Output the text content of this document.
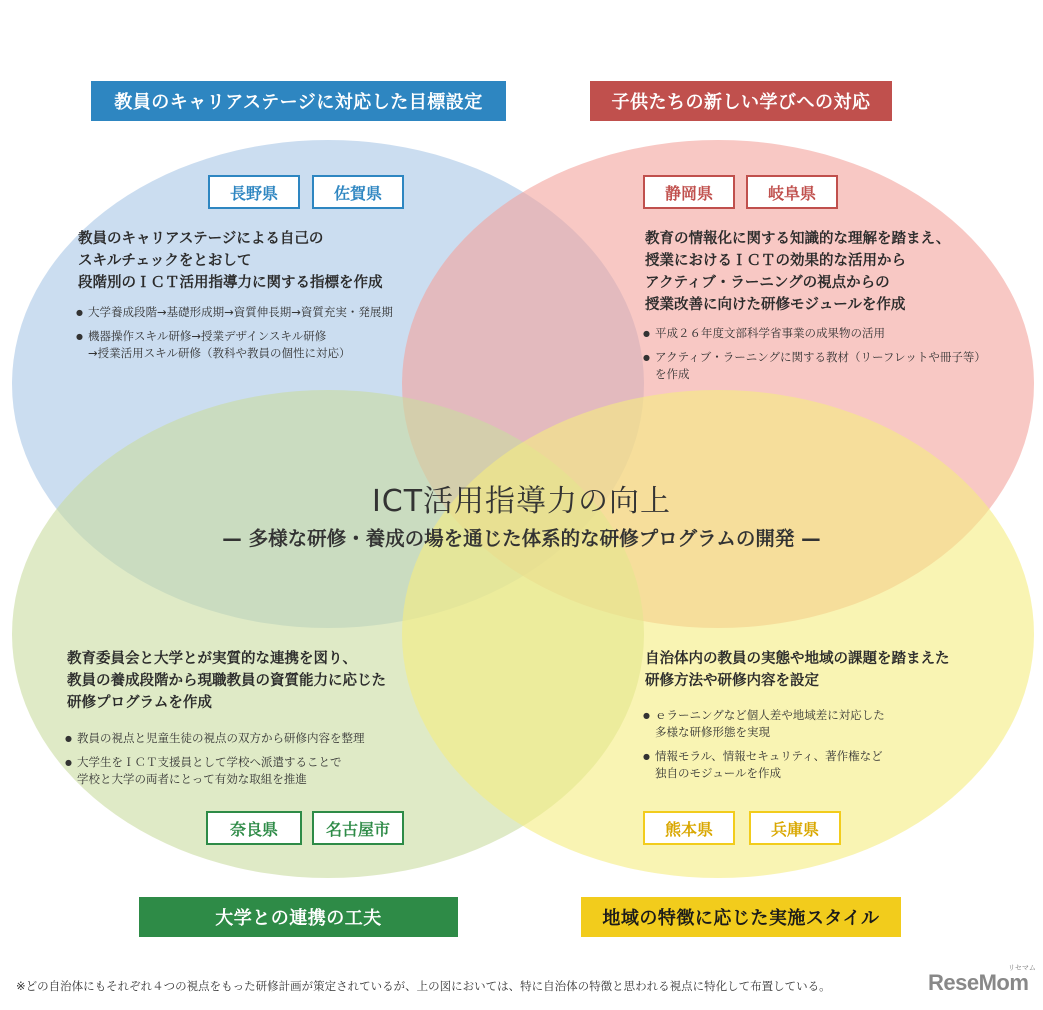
教員のキャリアステージに対応した目標設定
長野県	佐賀県
教員のキャリアステージによる自己の
スキルチェックをとおして
段階別のＩＣＴ活用指導力に関する指標を作成
● 大学養成段階→基礎形成期→資質伸長期→資質充実・発展期
● 機器操作スキル研修→授業デザインスキル研修
→授業活用スキル研修（教科や教員の個性に対応）
子供たちの新しい学びへの対応
静岡県	岐阜県
教育の情報化に関する知識的な理解を踏まえ、
授業におけるＩＣＴの効果的な活用から
アクティブ・ラーニングの視点からの
授業改善に向けた研修モジュールを作成
● 平成２６年度文部科学省事業の成果物の活用
● アクティブ・ラーニングに関する教材（リーフレットや冊子等）
を作成
ICT活用指導力の向上
— 多様な研修・養成の場を通じた体系的な研修プログラムの開発 —
教育委員会と大学とが実質的な連携を図り、
教員の養成段階から現職教員の資質能力に応じた
研修プログラムを作成
● 教員の視点と児童生徒の視点の双方から研修内容を整理
● 大学生をＩＣＴ支援員として学校へ派遣することで
学校と大学の両者にとって有効な取組を推進
奈良県	名古屋市
大学との連携の工夫
自治体内の教員の実態や地域の課題を踏まえた
研修方法や研修内容を設定
● ｅラーニングなど個人差や地域差に対応した
多様な研修形態を実現
● 情報モラル、情報セキュリティ、著作権など
独自のモジュールを作成
熊本県	兵庫県
地域の特徴に応じた実施スタイル
※どの自治体にもそれぞれ４つの視点をもった研修計画が策定されているが、上の図においては、特に自治体の特徴と思われる視点に特化して布置している。	ReseMom
リセマム
